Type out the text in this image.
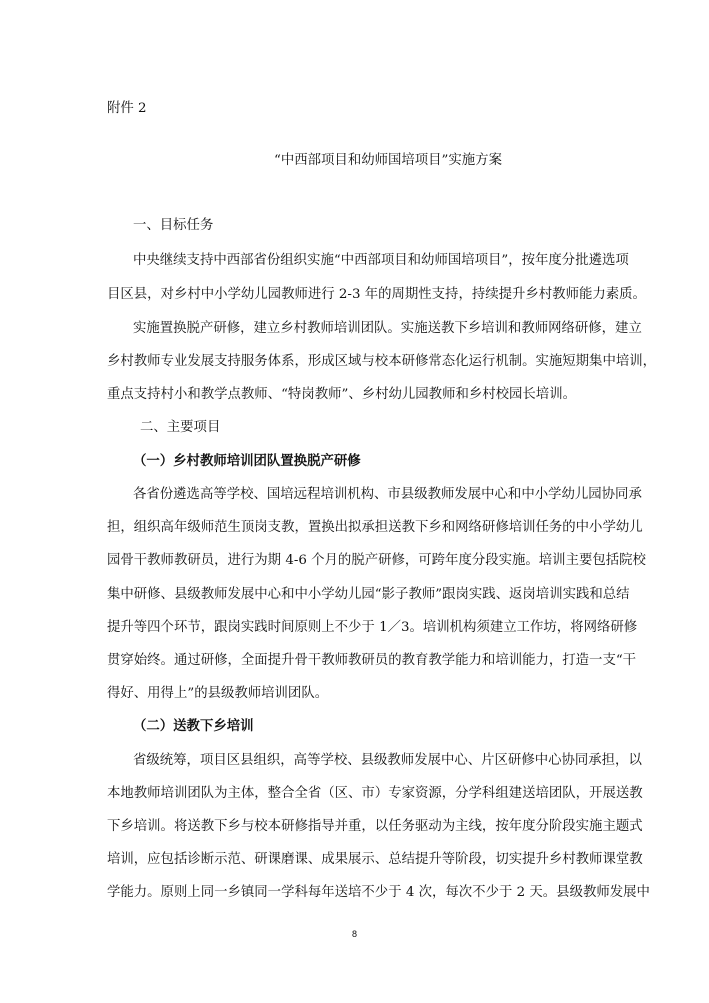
附件 2
“中西部项目和幼师国培项目”实施方案
一、目标任务
中央继续支持中西部省份组织实施“中西部项目和幼师国培项目”，按年度分批遴选项
目区县，对乡村中小学幼儿园教师进行 2-3 年的周期性支持，持续提升乡村教师能力素质。
实施置换脱产研修，建立乡村教师培训团队。实施送教下乡培训和教师网络研修，建立
乡村教师专业发展支持服务体系，形成区域与校本研修常态化运行机制。实施短期集中培训，
重点支持村小和教学点教师、“特岗教师”、乡村幼儿园教师和乡村校园长培训。
二、主要项目
（一）乡村教师培训团队置换脱产研修
各省份遴选高等学校、国培远程培训机构、市县级教师发展中心和中小学幼儿园协同承
担，组织高年级师范生顶岗支教，置换出拟承担送教下乡和网络研修培训任务的中小学幼儿
园骨干教师教研员，进行为期 4-6 个月的脱产研修，可跨年度分段实施。培训主要包括院校
集中研修、县级教师发展中心和中小学幼儿园“影子教师”跟岗实践、返岗培训实践和总结
提升等四个环节，跟岗实践时间原则上不少于 1／3。培训机构须建立工作坊，将网络研修
贯穿始终。通过研修，全面提升骨干教师教研员的教育教学能力和培训能力，打造一支“干
得好、用得上”的县级教师培训团队。
（二）送教下乡培训
省级统筹，项目区县组织，高等学校、县级教师发展中心、片区研修中心协同承担，以
本地教师培训团队为主体，整合全省（区、市）专家资源，分学科组建送培团队，开展送教
下乡培训。将送教下乡与校本研修指导并重，以任务驱动为主线，按年度分阶段实施主题式
培训，应包括诊断示范、研课磨课、成果展示、总结提升等阶段，切实提升乡村教师课堂教
学能力。原则上同一乡镇同一学科每年送培不少于 4 次，每次不少于 2 天。县级教师发展中
8
